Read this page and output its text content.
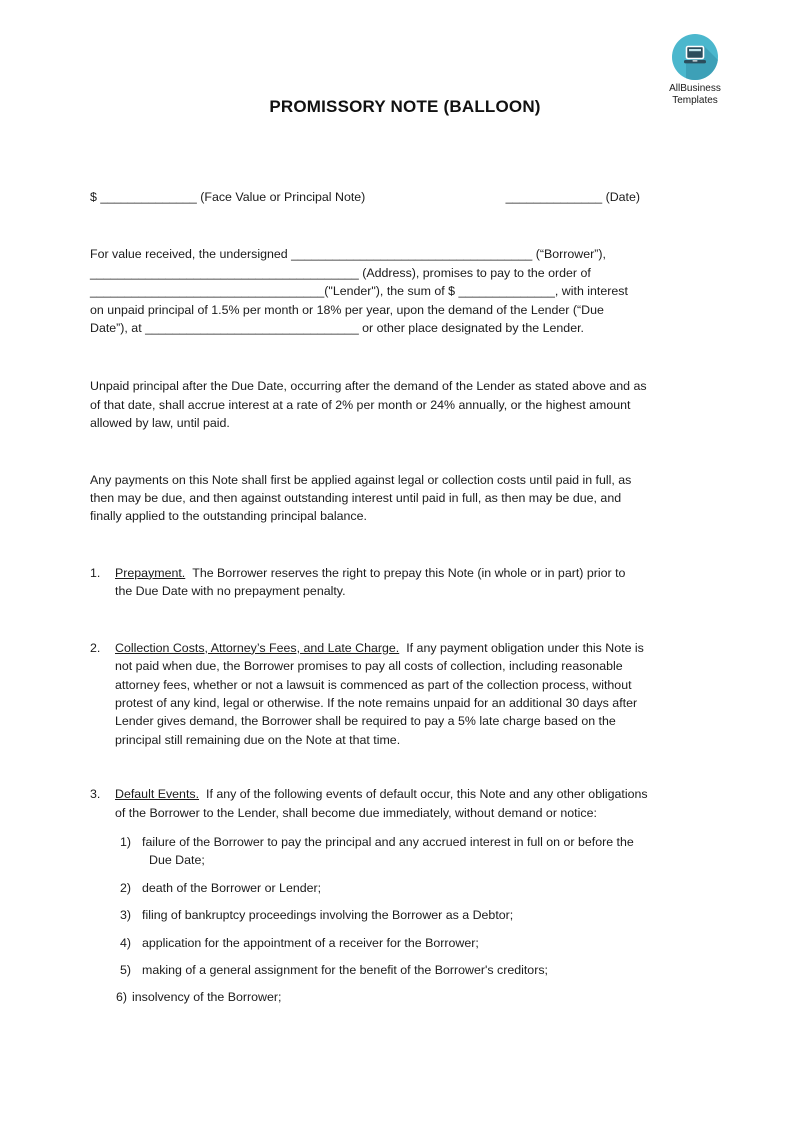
AllBusiness
Templates
PROMISSORY NOTE (BALLOON)
$ ______________ (Face Value or Principal Note)	______________ (Date)
For value received, the undersigned ___________________________________ (“Borrower”),
_______________________________________ (Address), promises to pay to the order of
__________________________________("Lender"), the sum of $ ______________, with interest
on unpaid principal of 1.5% per month or 18% per year, upon the demand of the Lender (“Due
Date”), at _______________________________ or other place designated by the Lender.
Unpaid principal after the Due Date, occurring after the demand of the Lender as stated above and as
of that date, shall accrue interest at a rate of 2% per month or 24% annually, or the highest amount
allowed by law, until paid.
Any payments on this Note shall first be applied against legal or collection costs until paid in full, as
then may be due, and then against outstanding interest until paid in full, as then may be due, and
finally applied to the outstanding principal balance.
1.	Prepayment. The Borrower reserves the right to prepay this Note (in whole or in part) prior to
the Due Date with no prepayment penalty.
2.	Collection Costs, Attorney’s Fees, and Late Charge. If any payment obligation under this Note is
not paid when due, the Borrower promises to pay all costs of collection, including reasonable
attorney fees, whether or not a lawsuit is commenced as part of the collection process, without
protest of any kind, legal or otherwise. If the note remains unpaid for an additional 30 days after
Lender gives demand, the Borrower shall be required to pay a 5% late charge based on the
principal still remaining due on the Note at that time.
3.	Default Events. If any of the following events of default occur, this Note and any other obligations
of the Borrower to the Lender, shall become due immediately, without demand or notice:
1) failure of the Borrower to pay the principal and any accrued interest in full on or before the
Due Date;
2) death of the Borrower or Lender;
3) filing of bankruptcy proceedings involving the Borrower as a Debtor;
4) application for the appointment of a receiver for the Borrower;
5) making of a general assignment for the benefit of the Borrower's creditors;
6) insolvency of the Borrower;
